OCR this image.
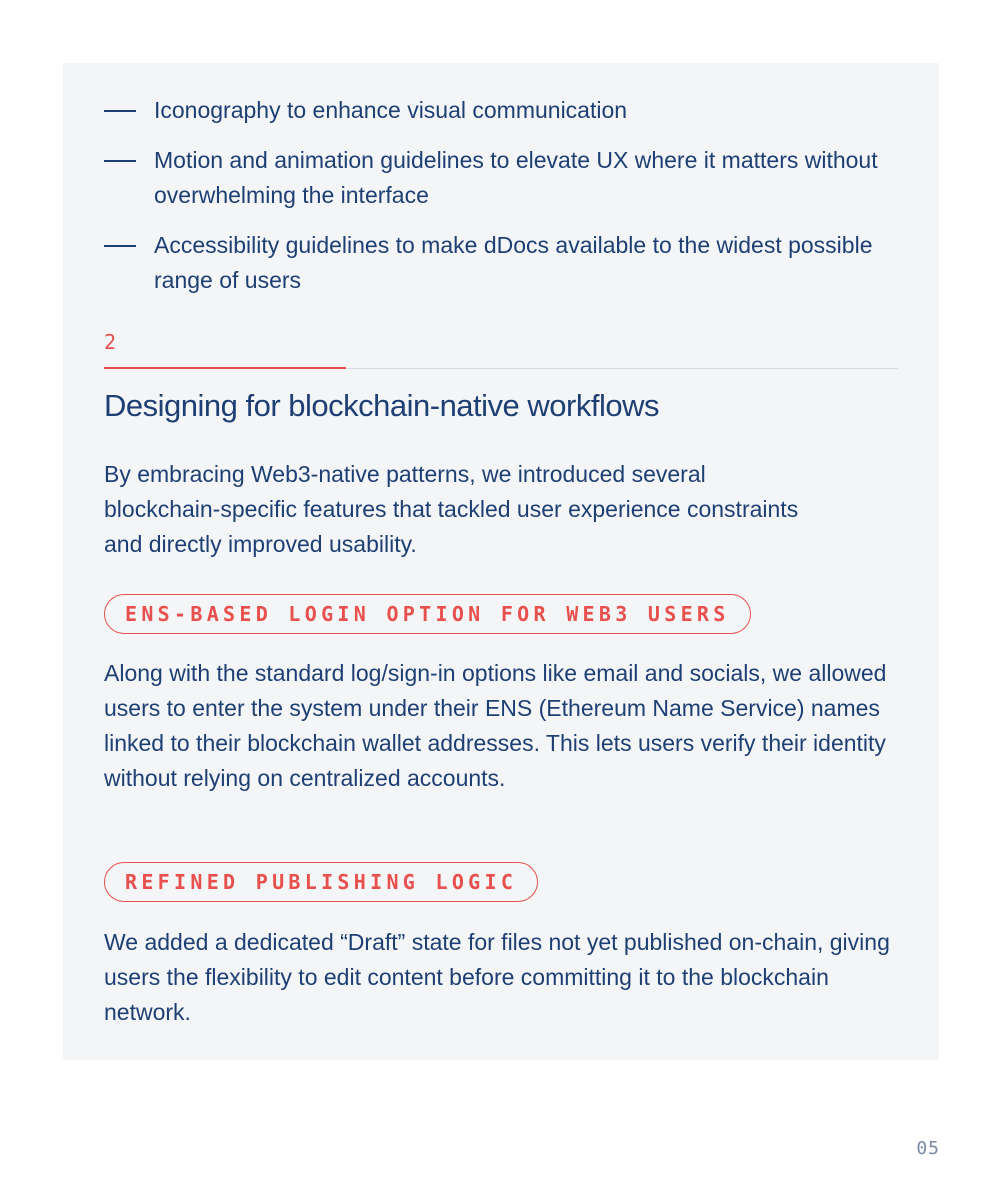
Iconography to enhance visual communication
Motion and animation guidelines to elevate UX where it matters without overwhelming the interface
Accessibility guidelines to make dDocs available to the widest possible range of users
2
Designing for blockchain-native workflows

By embracing Web3-native patterns, we introduced several blockchain-specific features that tackled user experience constraints and directly improved usability.

ENS-BASED LOGIN OPTION FOR WEB3 USERS

Along with the standard log/sign-in options like email and socials, we allowed users to enter the system under their ENS (Ethereum Name Service) names linked to their blockchain wallet addresses. This lets users verify their identity without relying on centralized accounts.

REFINED PUBLISHING LOGIC

We added a dedicated “Draft” state for files not yet published on-chain, giving users the flexibility to edit content before committing it to the blockchain network.

05
